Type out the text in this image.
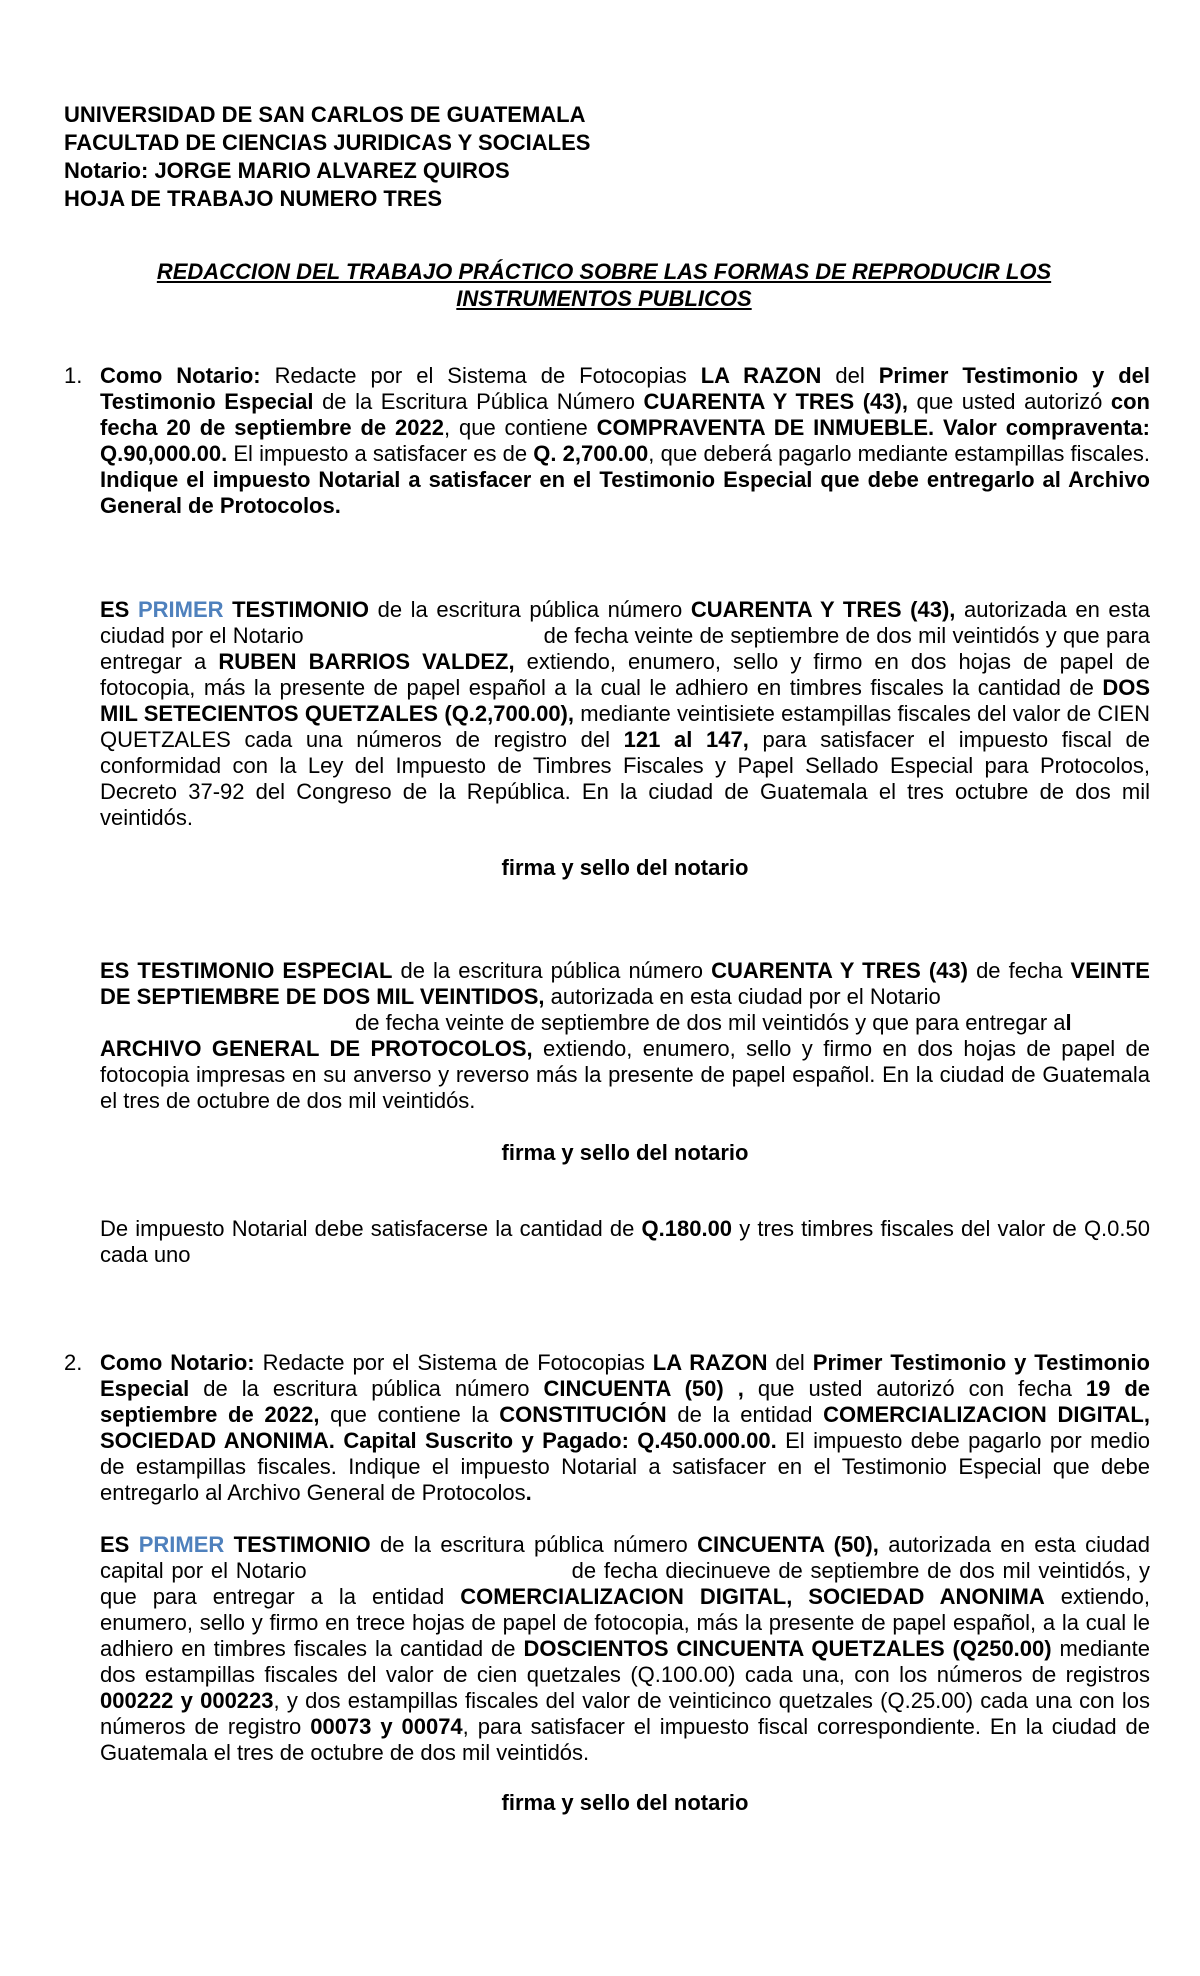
UNIVERSIDAD DE SAN CARLOS DE GUATEMALA
FACULTAD DE CIENCIAS JURIDICAS Y SOCIALES
Notario: JORGE MARIO ALVAREZ QUIROS
HOJA DE TRABAJO NUMERO TRES
REDACCION DEL TRABAJO PRÁCTICO SOBRE LAS FORMAS DE REPRODUCIR LOS
INSTRUMENTOS PUBLICOS
1. Como Notario: Redacte por el Sistema de Fotocopias LA RAZON del Primer Testimonio y del Testimonio Especial de la Escritura Pública Número CUARENTA Y TRES (43), que usted autorizó con fecha 20 de septiembre de 2022, que contiene COMPRAVENTA DE INMUEBLE. Valor compraventa: Q.90,000.00. El impuesto a satisfacer es de Q. 2,700.00, que deberá pagarlo mediante estampillas fiscales. Indique el impuesto Notarial a satisfacer en el Testimonio Especial que debe entregarlo al Archivo General de Protocolos.
ES PRIMER TESTIMONIO de la escritura pública número CUARENTA Y TRES (43), autorizada en esta ciudad por el Notario	de fecha veinte de septiembre de dos mil veintidós y que para entregar a RUBEN BARRIOS VALDEZ, extiendo, enumero, sello y firmo en dos hojas de papel de fotocopia, más la presente de papel español a la cual le adhiero en timbres fiscales la cantidad de DOS MIL SETECIENTOS QUETZALES (Q.2,700.00), mediante veintisiete estampillas fiscales del valor de CIEN QUETZALES cada una números de registro del 121 al 147, para satisfacer el impuesto fiscal de conformidad con la Ley del Impuesto de Timbres Fiscales y Papel Sellado Especial para Protocolos, Decreto 37-92 del Congreso de la República. En la ciudad de Guatemala el tres octubre de dos mil veintidós.
firma y sello del notario
ES TESTIMONIO ESPECIAL de la escritura pública número CUARENTA Y TRES (43) de fecha VEINTE DE SEPTIEMBRE DE DOS MIL VEINTIDOS, autorizada en esta ciudad por el Notario
de fecha veinte de septiembre de dos mil veintidós y que para entregar al
ARCHIVO GENERAL DE PROTOCOLOS, extiendo, enumero, sello y firmo en dos hojas de papel de fotocopia impresas en su anverso y reverso más la presente de papel español. En la ciudad de Guatemala el tres de octubre de dos mil veintidós.
firma y sello del notario
De impuesto Notarial debe satisfacerse la cantidad de Q.180.00 y tres timbres fiscales del valor de Q.0.50 cada uno
2. Como Notario: Redacte por el Sistema de Fotocopias LA RAZON del Primer Testimonio y Testimonio Especial de la escritura pública número CINCUENTA (50) , que usted autorizó con fecha 19 de septiembre de 2022, que contiene la CONSTITUCIÓN de la entidad COMERCIALIZACION DIGITAL, SOCIEDAD ANONIMA. Capital Suscrito y Pagado: Q.450.000.00. El impuesto debe pagarlo por medio de estampillas fiscales. Indique el impuesto Notarial a satisfacer en el Testimonio Especial que debe entregarlo al Archivo General de Protocolos.
ES PRIMER TESTIMONIO de la escritura pública número CINCUENTA (50), autorizada en esta ciudad capital por el Notario	de fecha diecinueve de septiembre de dos mil veintidós, y que para entregar a la entidad COMERCIALIZACION DIGITAL, SOCIEDAD ANONIMA extiendo, enumero, sello y firmo en trece hojas de papel de fotocopia, más la presente de papel español, a la cual le adhiero en timbres fiscales la cantidad de DOSCIENTOS CINCUENTA QUETZALES (Q250.00) mediante dos estampillas fiscales del valor de cien quetzales (Q.100.00) cada una, con los números de registros 000222 y 000223, y dos estampillas fiscales del valor de veinticinco quetzales (Q.25.00) cada una con los números de registro 00073 y 00074, para satisfacer el impuesto fiscal correspondiente. En la ciudad de Guatemala el tres de octubre de dos mil veintidós.
firma y sello del notario
